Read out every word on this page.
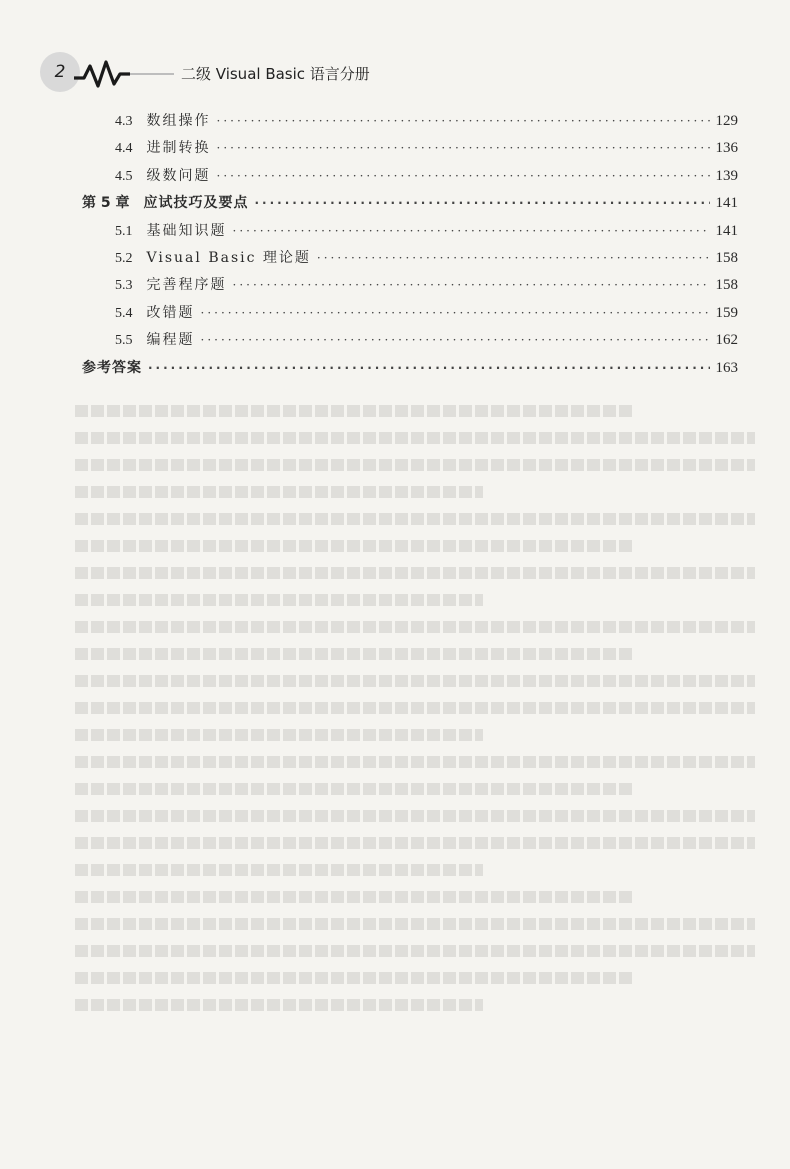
2	二级 Visual Basic 语言分册
4.3 数组操作 ·····	129
4.4 进制转换 ·····	136
4.5 级数问题 ·····	139
第 5 章 应试技巧及要点 ·····	141
5.1 基础知识题 ·····	141
5.2 Visual Basic 理论题 ·····	158
5.3 完善程序题 ·····	158
5.4 改错题 ·····	159
5.5 编程题 ·····	162
参考答案 ·····	163
